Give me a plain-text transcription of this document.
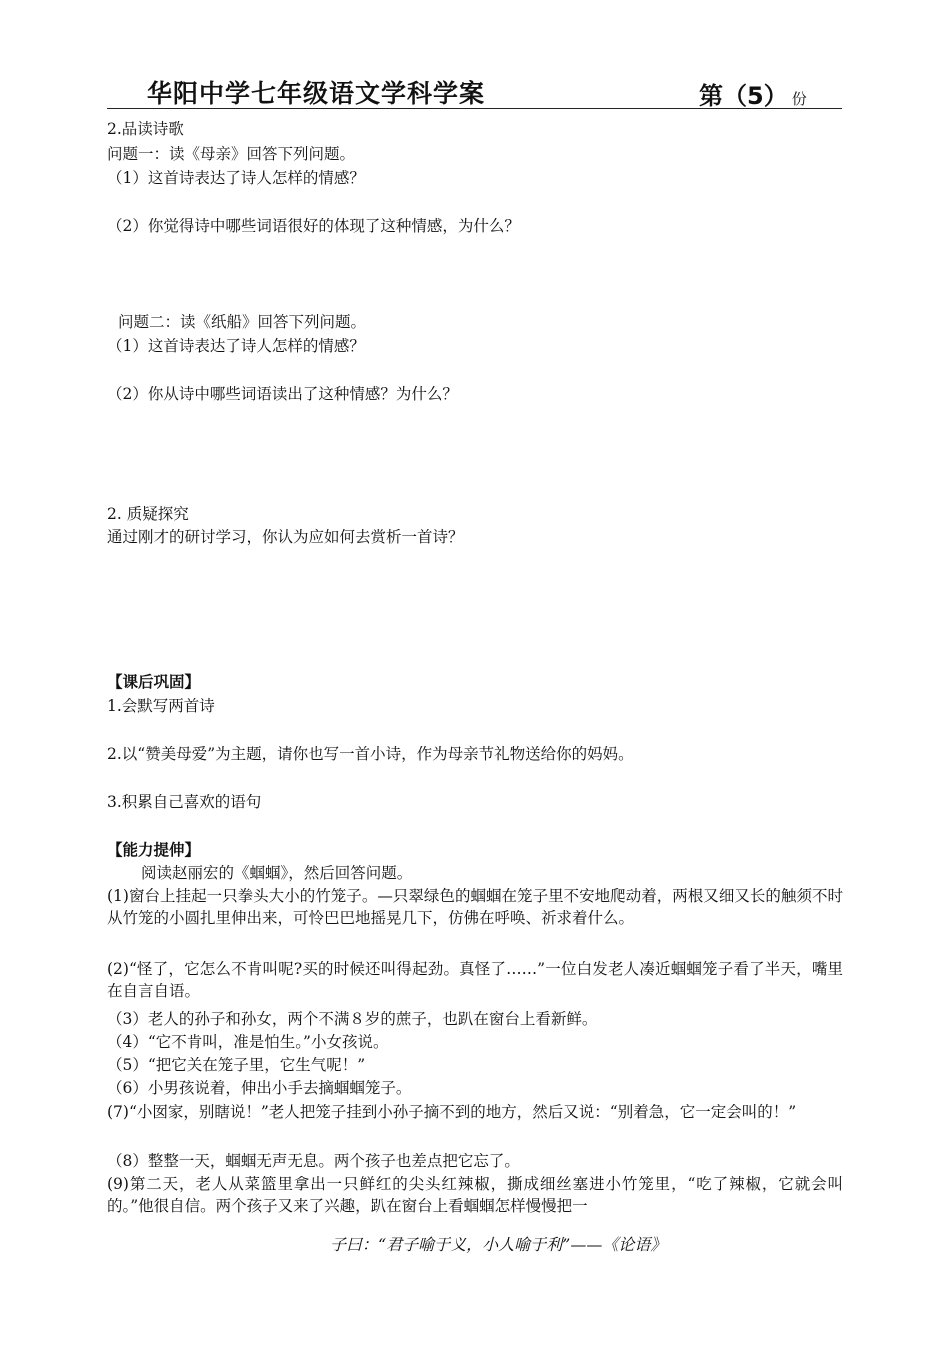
华阳中学七年级语文学科学案	第（5） 份
2.品读诗歌
问题一：读《母亲》回答下列问题。
（1）这首诗表达了诗人怎样的情感？
（2）你觉得诗中哪些词语很好的体现了这种情感，为什么？
问题二：读《纸船》回答下列问题。
（1）这首诗表达了诗人怎样的情感？
（2）你从诗中哪些词语读出了这种情感？为什么？
2. 质疑探究
通过刚才的研讨学习，你认为应如何去赏析一首诗？
【课后巩固】
1.会默写两首诗
2.以“赞美母爱”为主题，请你也写一首小诗，作为母亲节礼物送给你的妈妈。
3.积累自己喜欢的语句
【能力提伸】
阅读赵丽宏的《蝈蝈》，然后回答问题。
(1)窗台上挂起一只拳头大小的竹笼子。—只翠绿色的蝈蝈在笼子里不安地爬动着，两根又细又长的触须不时从竹笼的小圆扎里伸出来，可怜巴巴地摇晃几下，仿佛在呼唤、祈求着什么。
(2)“怪了，它怎么不肯叫呢?买的时候还叫得起劲。真怪了……”一位白发老人凑近蝈蝈笼子看了半天，嘴里在自言自语。
（3）老人的孙子和孙女，两个不满８岁的蔗子，也趴在窗台上看新鲜。
（4）“它不肯叫，准是怕生。”小女孩说。
（5）“把它关在笼子里，它生气呢！”
（6）小男孩说着，伸出小手去摘蝈蝈笼子。
(7)“小囡家，别瞎说！”老人把笼子挂到小孙子摘不到的地方，然后又说：“别着急，它一定会叫的！”
（8）整整一天，蝈蝈无声无息。两个孩子也差点把它忘了。
(9)第二天，老人从菜篮里拿出一只鲜红的尖头红辣椒，撕成细丝塞进小竹笼里，“吃了辣椒，它就会叫的。”他很自信。两个孩子又来了兴趣，趴在窗台上看蝈蝈怎样慢慢把一
子曰：“君子喻于义，小人喻于利”——《论语》
